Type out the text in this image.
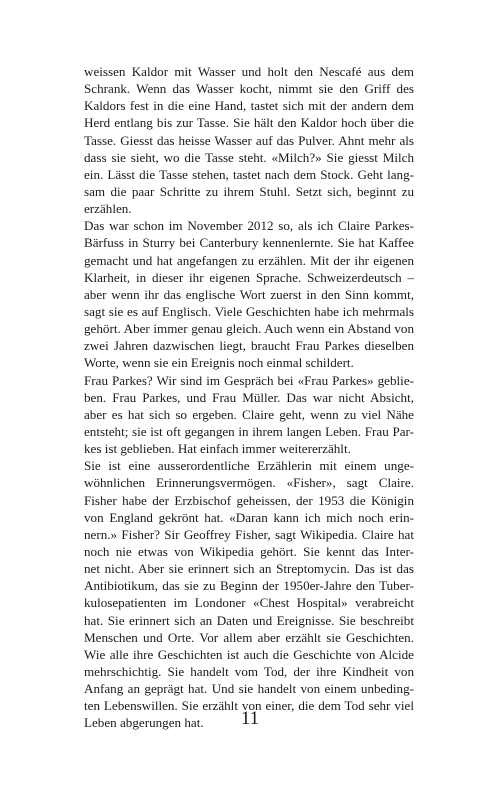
weissen Kaldor mit Wasser und holt den Nescafé aus dem
Schrank. Wenn das Wasser kocht, nimmt sie den Griff des
Kaldors fest in die eine Hand, tastet sich mit der andern dem
Herd entlang bis zur Tasse. Sie hält den Kaldor hoch über die
Tasse. Giesst das heisse Wasser auf das Pulver. Ahnt mehr als
dass sie sieht, wo die Tasse steht. «Milch?» Sie giesst Milch
ein. Lässt die Tasse stehen, tastet nach dem Stock. Geht lang-
sam die paar Schritte zu ihrem Stuhl. Setzt sich, beginnt zu
erzählen.
Das war schon im November 2012 so, als ich Claire Parkes-
Bärfuss in Sturry bei Canterbury kennenlernte. Sie hat Kaffee
gemacht und hat angefangen zu erzählen. Mit der ihr eigenen
Klarheit, in dieser ihr eigenen Sprache. Schweizerdeutsch –
aber wenn ihr das englische Wort zuerst in den Sinn kommt,
sagt sie es auf Englisch. Viele Geschichten habe ich mehrmals
gehört. Aber immer genau gleich. Auch wenn ein Abstand von
zwei Jahren dazwischen liegt, braucht Frau Parkes dieselben
Worte, wenn sie ein Ereignis noch einmal schildert.
Frau Parkes? Wir sind im Gespräch bei «Frau Parkes» geblie-
ben. Frau Parkes, und Frau Müller. Das war nicht Absicht,
aber es hat sich so ergeben. Claire geht, wenn zu viel Nähe
entsteht; sie ist oft gegangen in ihrem langen Leben. Frau Par-
kes ist geblieben. Hat einfach immer weitererzählt.
Sie ist eine ausserordentliche Erzählerin mit einem unge-
wöhnlichen Erinnerungsvermögen. «Fisher», sagt Claire.
Fisher habe der Erzbischof geheissen, der 1953 die Königin
von England gekrönt hat. «Daran kann ich mich noch erin-
nern.» Fisher? Sir Geoffrey Fisher, sagt Wikipedia. Claire hat
noch nie etwas von Wikipedia gehört. Sie kennt das Inter-
net nicht. Aber sie erinnert sich an Streptomycin. Das ist das
Antibiotikum, das sie zu Beginn der 1950er-Jahre den Tuber-
kulosepatienten im Londoner «Chest Hospital» verabreicht
hat. Sie erinnert sich an Daten und Ereignisse. Sie beschreibt
Menschen und Orte. Vor allem aber erzählt sie Geschichten.
Wie alle ihre Geschichten ist auch die Geschichte von Alcide
mehrschichtig. Sie handelt vom Tod, der ihre Kindheit von
Anfang an geprägt hat. Und sie handelt von einem unbeding-
ten Lebenswillen. Sie erzählt von einer, die dem Tod sehr viel
Leben abgerungen hat.	11
